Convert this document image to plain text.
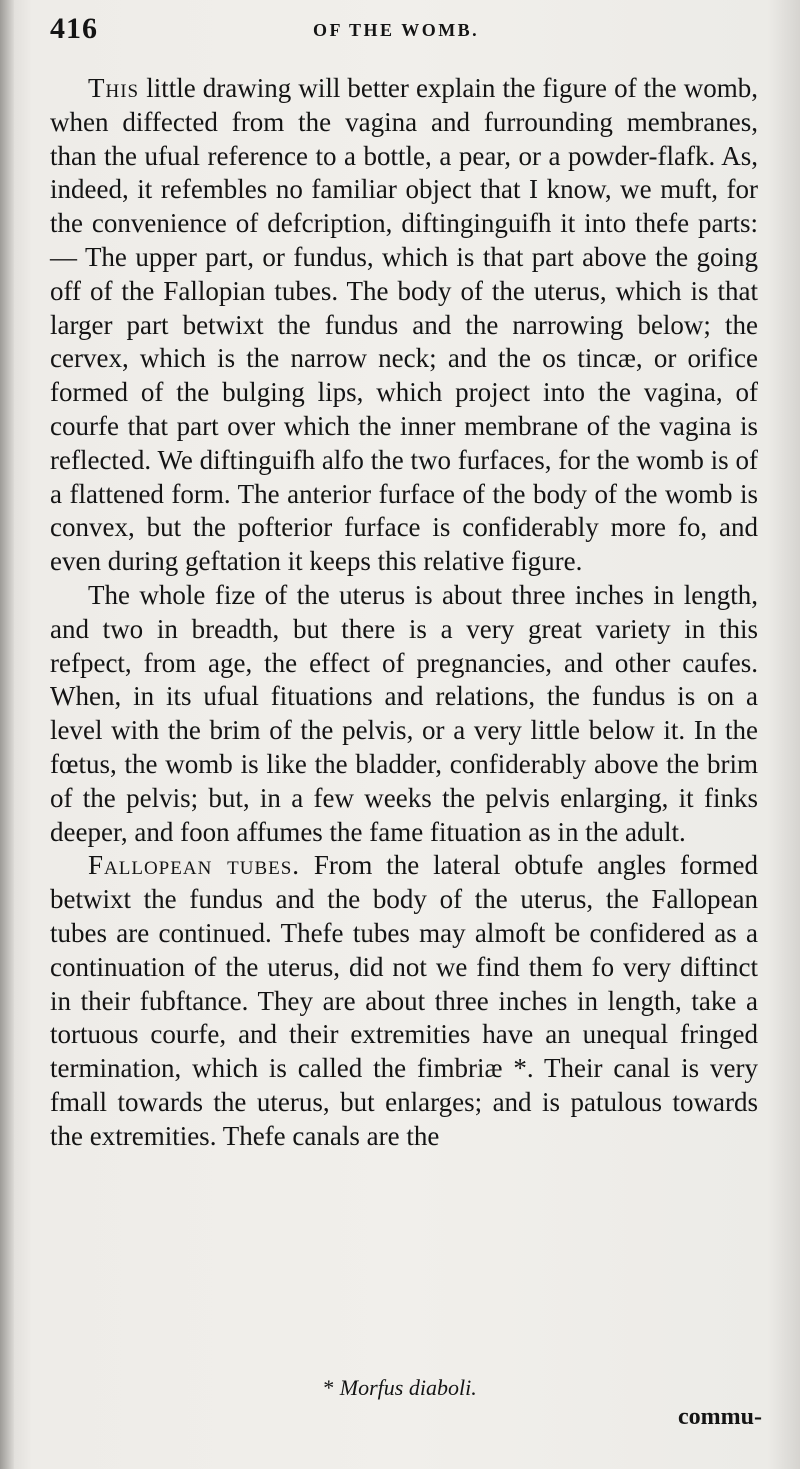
416	OF THE WOMB.

This little drawing will better explain the figure of the womb, when diffected from the vagina and furrounding membranes, than the ufual reference to a bottle, a pear, or a powder-flafk. As, indeed, it refembles no familiar object that I know, we muft, for the convenience of defcription, diftinginguifh it into thefe parts: — The upper part, or fundus, which is that part above the going off of the Fallopian tubes. The body of the uterus, which is that larger part betwixt the fundus and the narrowing below; the cervex, which is the narrow neck; and the os tincæ, or orifice formed of the bulging lips, which project into the vagina, of courfe that part over which the inner membrane of the vagina is reflected. We diftinguifh alfo the two furfaces, for the womb is of a flattened form. The anterior furface of the body of the womb is convex, but the pofterior furface is confiderably more fo, and even during geftation it keeps this relative figure.

The whole fize of the uterus is about three inches in length, and two in breadth, but there is a very great variety in this refpect, from age, the effect of pregnancies, and other caufes. When, in its ufual fituations and relations, the fundus is on a level with the brim of the pelvis, or a very little below it. In the fœtus, the womb is like the bladder, confiderably above the brim of the pelvis; but, in a few weeks the pelvis enlarging, it finks deeper, and foon affumes the fame fituation as in the adult.

Fallopean tubes. From the lateral obtufe angles formed betwixt the fundus and the body of the uterus, the Fallopean tubes are continued. Thefe tubes may almoft be confidered as a continuation of the uterus, did not we find them fo very diftinct in their fubftance. They are about three inches in length, take a tortuous courfe, and their extremities have an unequal fringed termination, which is called the fimbriæ *. Their canal is very fmall towards the uterus, but enlarges; and is patulous towards the extremities. Thefe canals are the

* Morfus diaboli.
commu-
